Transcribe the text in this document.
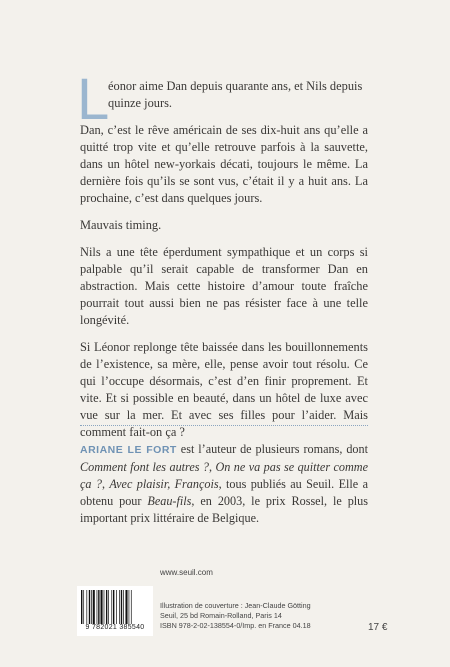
L
éonor aime Dan depuis quarante ans, et Nils depuis
quinze jours.

Dan, c’est le rêve américain de ses dix-huit ans qu’elle a quitté trop vite et qu’elle retrouve parfois à la sauvette, dans un hôtel new-yorkais décati, toujours le même. La dernière fois qu’ils se sont vus, c’était il y a huit ans. La prochaine, c’est dans quelques jours.

Mauvais timing.

Nils a une tête éperdument sympathique et un corps si palpable qu’il serait capable de transformer Dan en abstraction. Mais cette histoire d’amour toute fraîche pourrait tout aussi bien ne pas résister face à une telle longévité.

Si Léonor replonge tête baissée dans les bouillonnements de l’existence, sa mère, elle, pense avoir tout résolu. Ce qui l’occupe désormais, c’est d’en finir proprement. Et vite. Et si possible en beauté, dans un hôtel de luxe avec vue sur la mer. Et avec ses filles pour l’aider. Mais comment fait-on ça ?

ARIANE LE FORT est l’auteur de plusieurs romans, dont Comment font les autres ?, On ne va pas se quitter comme ça ?, Avec plaisir, François, tous publiés au Seuil. Elle a obtenu pour Beau-fils, en 2003, le prix Rossel, le plus important prix littéraire de Belgique.
www.seuil.com
9 782021 385540
Illustration de couverture : Jean-Claude Götting
Seuil, 25 bd Romain-Rolland, Paris 14
ISBN 978-2-02-138554-0/Imp. en France 04.18	17 €
